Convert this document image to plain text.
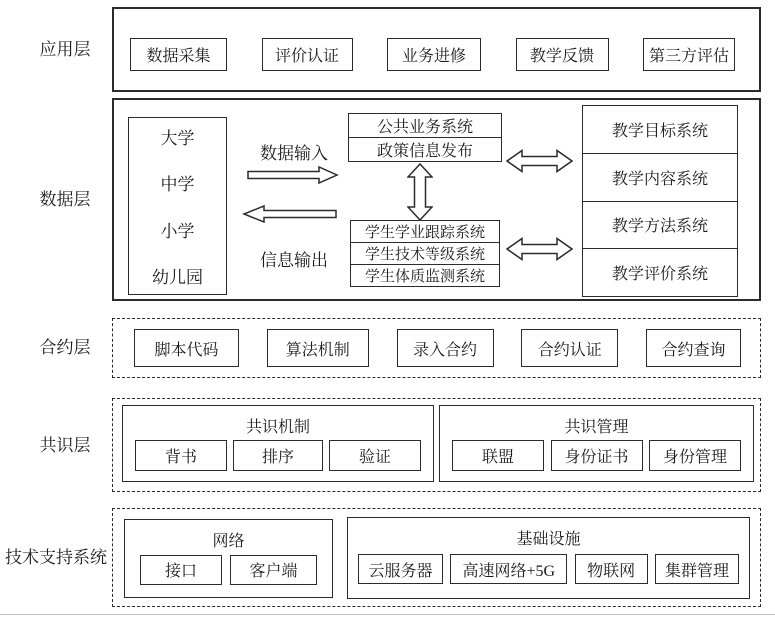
应用层
数据层
合约层
共识层
技术支持系统
数据采集	评价认证	业务进修	教学反馈	第三方评估
大学
中学
小学
幼儿园
数据输入
信息输出
公共业务系统
政策信息发布
学生学业跟踪系统
学生技术等级系统
学生体质监测系统
教学目标系统
教学内容系统
教学方法系统
教学评价系统
脚本代码	算法机制	录入合约	合约认证	合约查询
共识机制
背书	排序	验证
共识管理
联盟	身份证书	身份管理
网络
接口	客户端
基础设施
云服务器	高速网络+5G	物联网	集群管理
